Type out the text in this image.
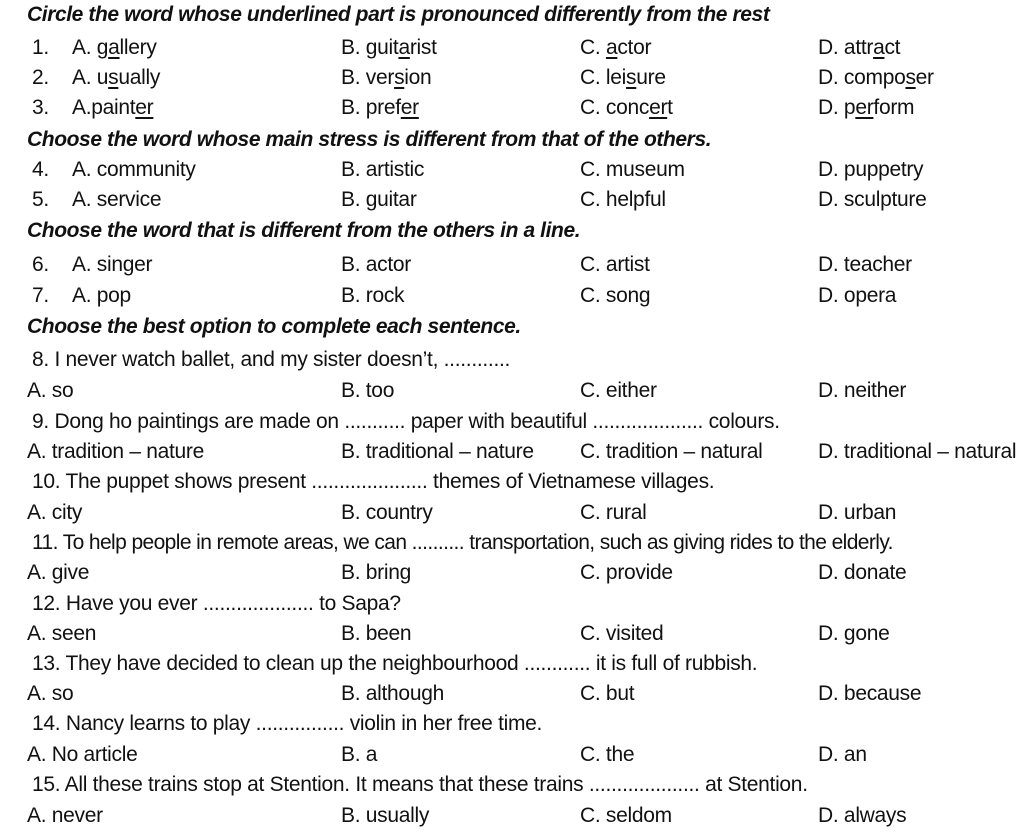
Circle the word whose underlined part is pronounced differently from the rest
1. A. gallery	B. guitarist	C. actor	D. attract
2. A. usually	B. version	C. leisure	D. composer
3. A.painter	B. prefer	C. concert	D. perform
Choose the word whose main stress is different from that of the others.
4. A. community	B. artistic	C. museum	D. puppetry
5. A. service	B. guitar	C. helpful	D. sculpture
Choose the word that is different from the others in a line.
6. A. singer	B. actor	C. artist	D. teacher
7. A. pop	B. rock	C. song	D. opera
Choose the best option to complete each sentence.
8. I never watch ballet, and my sister doesn’t, ............
A. so	B. too	C. either	D. neither
9. Dong ho paintings are made on ........... paper with beautiful .................... colours.
A. tradition – nature	B. traditional – nature C. tradition – natural	D. traditional – natural
10. The puppet shows present ..................... themes of Vietnamese villages.
A. city	B. country	C. rural	D. urban
11. To help people in remote areas, we can .......... transportation, such as giving rides to the elderly.
A. give	B. bring	C. provide	D. donate
12. Have you ever .................... to Sapa?
A. seen	B. been	C. visited	D. gone
13. They have decided to clean up the neighbourhood ............ it is full of rubbish.
A. so	B. although	C. but	D. because
14. Nancy learns to play ................ violin in her free time.
A. No article	B. a	C. the	D. an
15. All these trains stop at Stention. It means that these trains .................... at Stention.
A. never	B. usually	C. seldom	D. always
